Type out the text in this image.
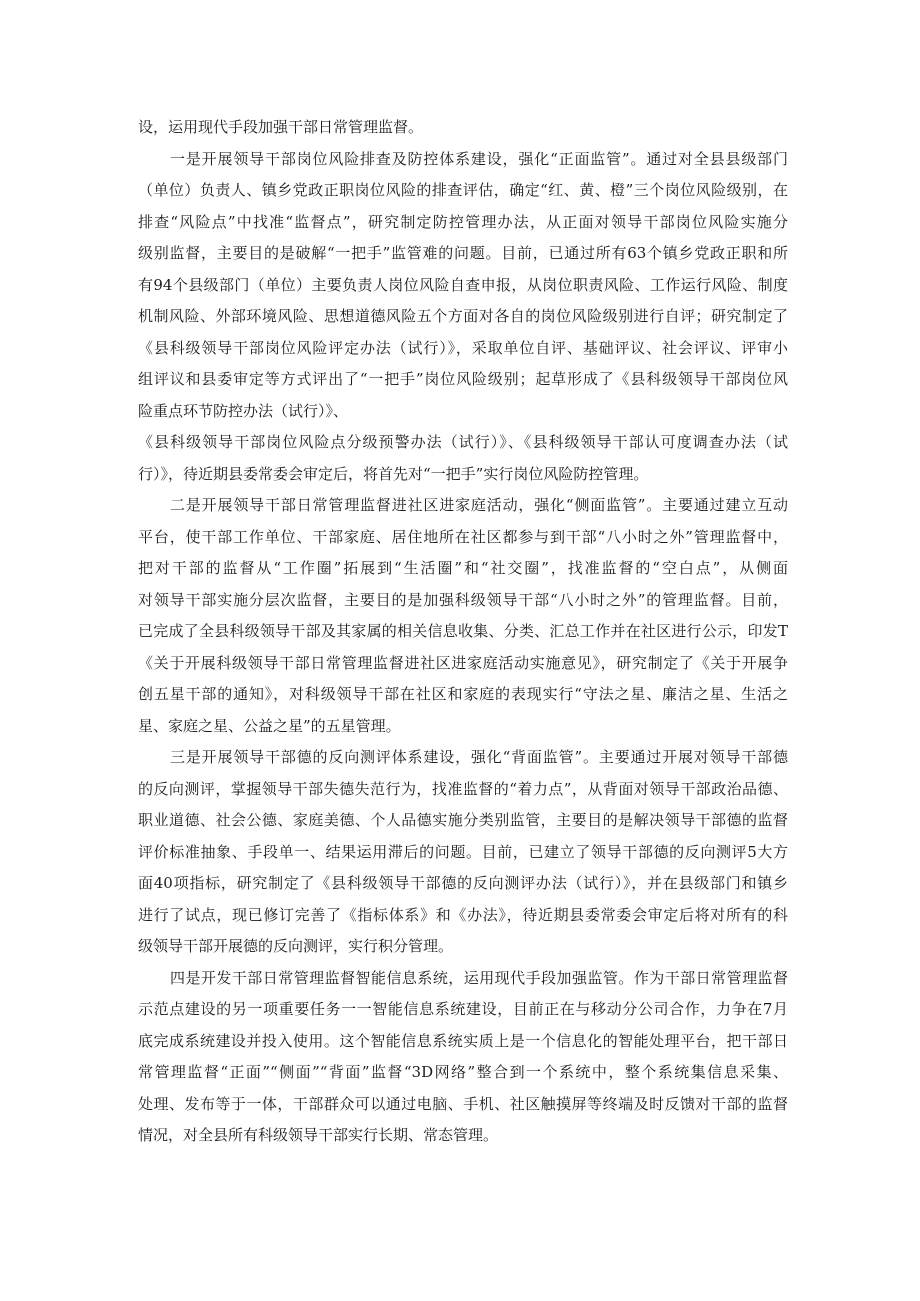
设，运用现代手段加强干部日常管理监督。
一是开展领导干部岗位风险排查及防控体系建设，强化“正面监管”。通过对全县县级部门
（单位）负责人、镇乡党政正职岗位风险的排查评估，确定“红、黄、橙”三个岗位风险级别，在
排查“风险点”中找准“监督点”，研究制定防控管理办法，从正面对领导干部岗位风险实施分
级别监督，主要目的是破解“一把手”监管难的问题。目前，已通过所有63个镇乡党政正职和所
有94个县级部门（单位）主要负责人岗位风险自查申报，从岗位职责风险、工作运行风险、制度
机制风险、外部环境风险、思想道德风险五个方面对各自的岗位风险级别进行自评；研究制定了
《县科级领导干部岗位风险评定办法（试行）》，采取单位自评、基础评议、社会评议、评审小
组评议和县委审定等方式评出了“一把手”岗位风险级别；起草形成了《县科级领导干部岗位风
险重点环节防控办法（试行）》、
《县科级领导干部岗位风险点分级预警办法（试行）》、《县科级领导干部认可度调查办法（试
行）》，待近期县委常委会审定后，将首先对“一把手”实行岗位风险防控管理。
二是开展领导干部日常管理监督进社区进家庭活动，强化“侧面监管”。主要通过建立互动
平台，使干部工作单位、干部家庭、居住地所在社区都参与到干部“八小时之外”管理监督中，
把对干部的监督从“工作圈”拓展到“生活圈”和“社交圈”，找准监督的“空白点”，从侧面
对领导干部实施分层次监督，主要目的是加强科级领导干部“八小时之外”的管理监督。目前，
已完成了全县科级领导干部及其家属的相关信息收集、分类、汇总工作并在社区进行公示，印发T
《关于开展科级领导干部日常管理监督进社区进家庭活动实施意见》，研究制定了《关于开展争
创五星干部的通知》，对科级领导干部在社区和家庭的表现实行“守法之星、廉洁之星、生活之
星、家庭之星、公益之星”的五星管理。
三是开展领导干部德的反向测评体系建设，强化“背面监管”。主要通过开展对领导干部德
的反向测评，掌握领导干部失德失范行为，找准监督的“着力点”，从背面对领导干部政治品德、
职业道德、社会公德、家庭美德、个人品德实施分类别监管，主要目的是解决领导干部德的监督
评价标准抽象、手段单一、结果运用滞后的问题。目前，已建立了领导干部德的反向测评5大方
面40项指标，研究制定了《县科级领导干部德的反向测评办法（试行）》，并在县级部门和镇乡
进行了试点，现已修订完善了《指标体系》和《办法》，待近期县委常委会审定后将对所有的科
级领导干部开展德的反向测评，实行积分管理。
四是开发干部日常管理监督智能信息系统，运用现代手段加强监管。作为干部日常管理监督
示范点建设的另一项重要任务一一智能信息系统建设，目前正在与移动分公司合作，力争在7月
底完成系统建设并投入使用。这个智能信息系统实质上是一个信息化的智能处理平台，把干部日
常管理监督“正面”“侧面”“背面”监督“3D网络”整合到一个系统中，整个系统集信息采集、
处理、发布等于一体，干部群众可以通过电脑、手机、社区触摸屏等终端及时反馈对干部的监督
情况，对全县所有科级领导干部实行长期、常态管理。
